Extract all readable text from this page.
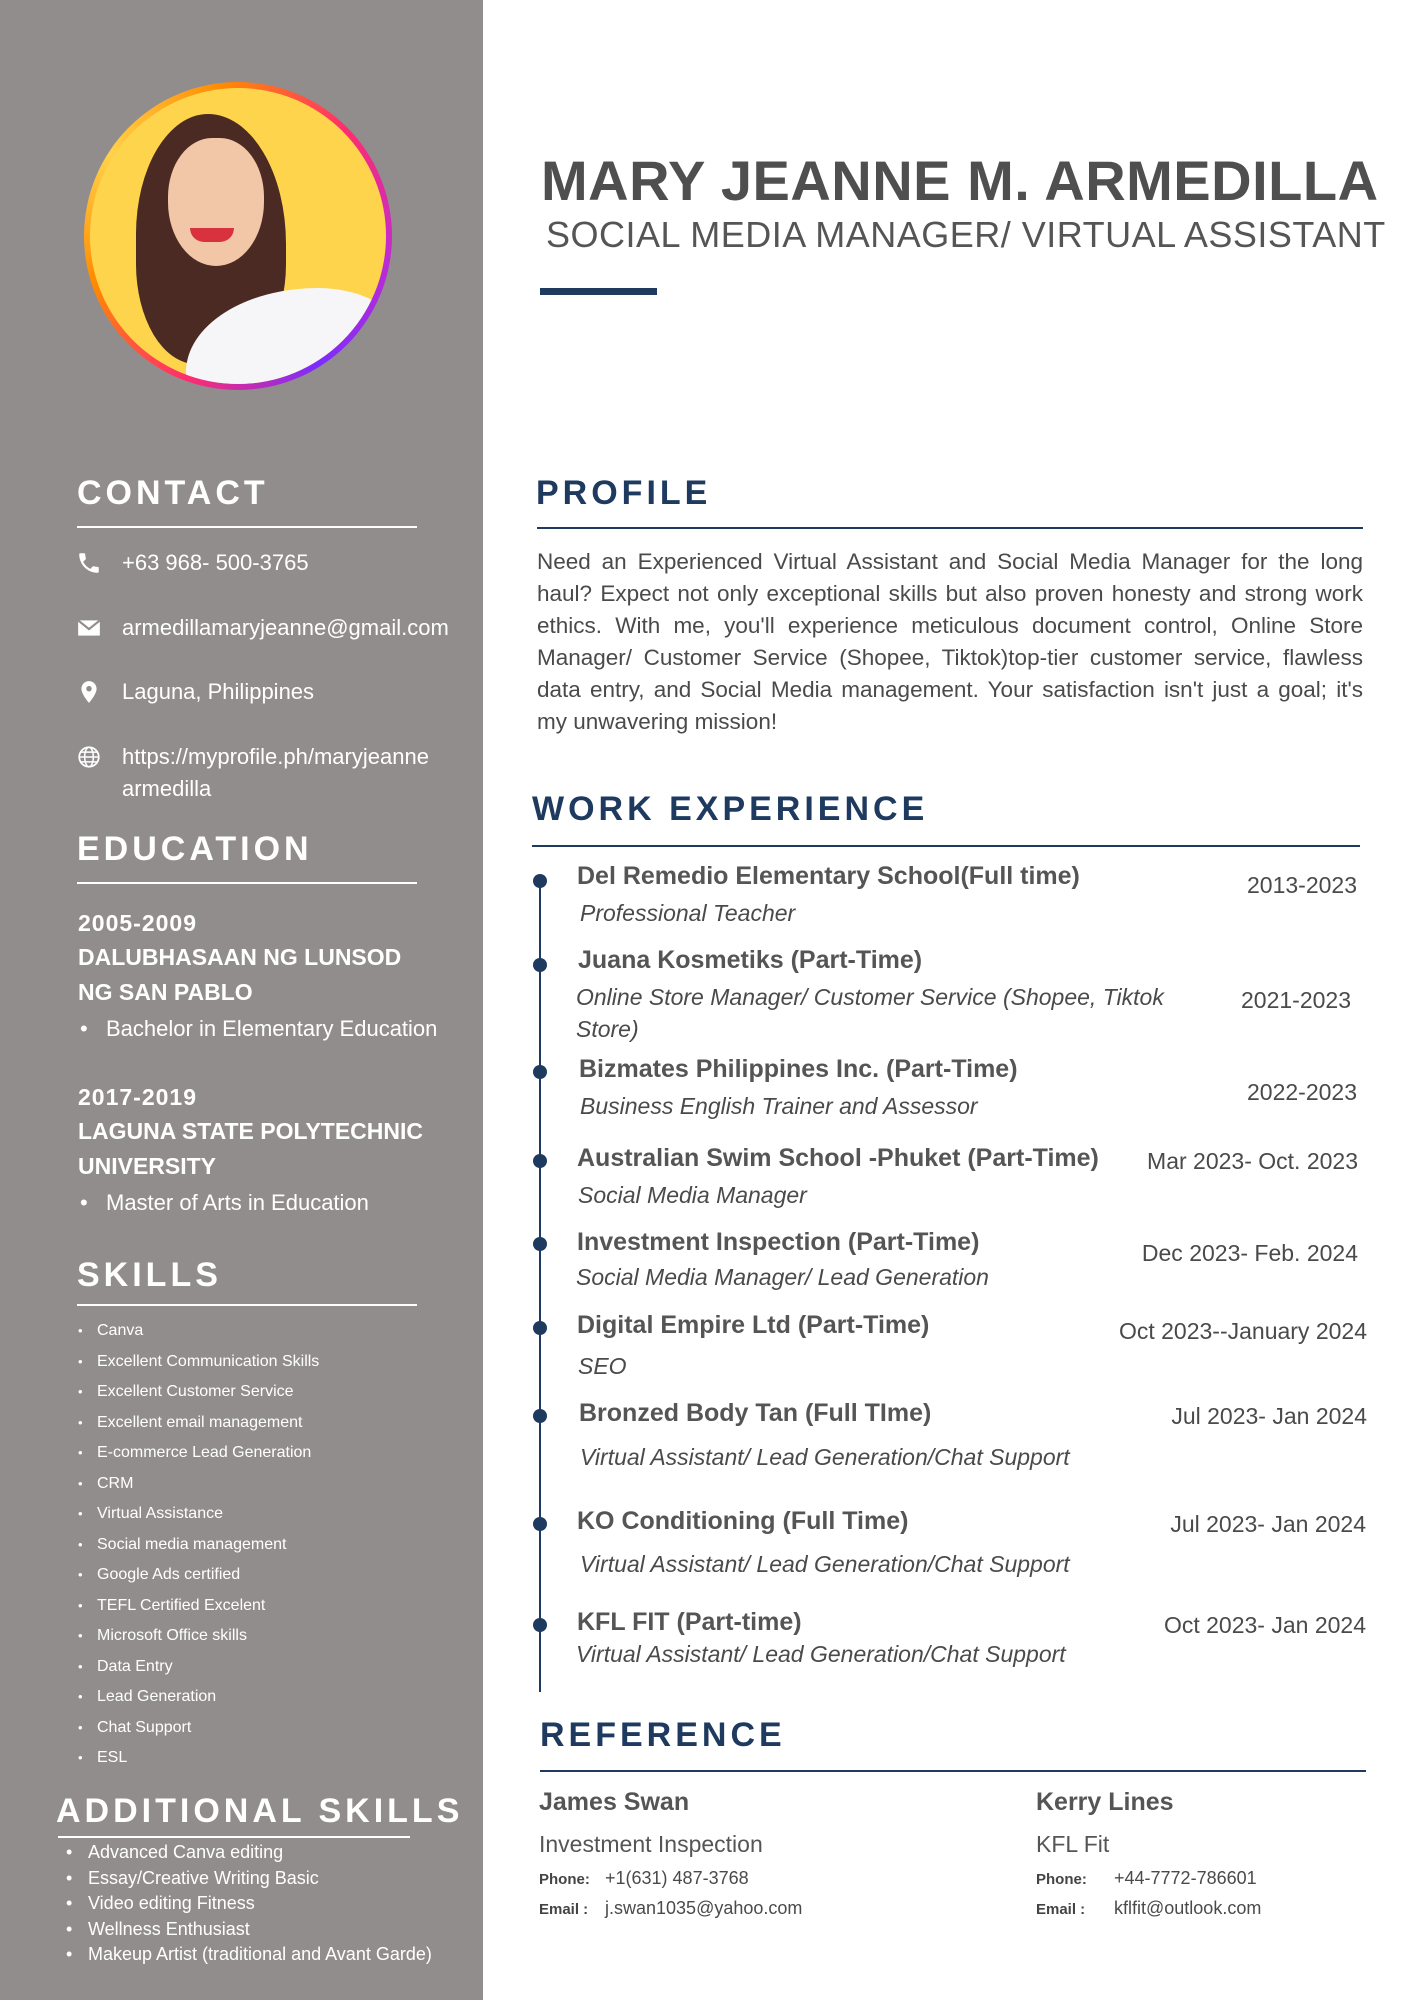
CONTACT
+63 968- 500-3765
armedillamaryjeanne@gmail.com
Laguna, Philippines
https://myprofile.ph/maryjeannearmedilla
EDUCATION
2005-2009
DALUBHASAAN NG LUNSOD
NG SAN PABLO
• Bachelor in Elementary Education
2017-2019
LAGUNA STATE POLYTECHNIC
UNIVERSITY
• Master of Arts in Education
SKILLS
• Canva
• Excellent Communication Skills
• Excellent Customer Service
• Excellent email management
• E-commerce Lead Generation
• CRM
• Virtual Assistance
• Social media management
• Google Ads certified
• TEFL Certified Excelent
• Microsoft Office skills
• Data Entry
• Lead Generation
• Chat Support
• ESL
ADDITIONAL SKILLS
• Advanced Canva editing
• Essay/Creative Writing Basic
• Video editing Fitness
• Wellness Enthusiast
• Makeup Artist (traditional and Avant Garde)
MARY JEANNE M. ARMEDILLA
SOCIAL MEDIA MANAGER/ VIRTUAL ASSISTANT
PROFILE
Need an Experienced Virtual Assistant and Social Media Manager for the long haul? Expect not only exceptional skills but also proven honesty and strong work ethics. With me, you'll experience meticulous document control, Online Store Manager/ Customer Service (Shopee, Tiktok)top-tier customer service, flawless data entry, and Social Media management. Your satisfaction isn't just a goal; it's my unwavering mission!
WORK EXPERIENCE
Del Remedio Elementary School(Full time)
Professional Teacher
2013-2023
Juana Kosmetiks (Part-Time)
Online Store Manager/ Customer Service (Shopee, Tiktok Store)
2021-2023
Bizmates Philippines Inc. (Part-Time)
Business English Trainer and Assessor
2022-2023
Australian Swim School -Phuket (Part-Time)
Social Media Manager
Mar 2023- Oct. 2023
Investment Inspection (Part-Time)
Social Media Manager/ Lead Generation
Dec 2023- Feb. 2024
Digital Empire Ltd (Part-Time)
SEO
Oct 2023--January 2024
Bronzed Body Tan (Full TIme)
Virtual Assistant/ Lead Generation/Chat Support
Jul 2023- Jan 2024
KO Conditioning (Full Time)
Virtual Assistant/ Lead Generation/Chat Support
Jul 2023- Jan 2024
KFL FIT (Part-time)
Virtual Assistant/ Lead Generation/Chat Support
Oct 2023- Jan 2024
REFERENCE
James Swan
Investment Inspection
Phone: +1(631) 487-3768
Email : j.swan1035@yahoo.com
Kerry Lines
KFL Fit
Phone:	+44-7772-786601
Email :	kflfit@outlook.com
